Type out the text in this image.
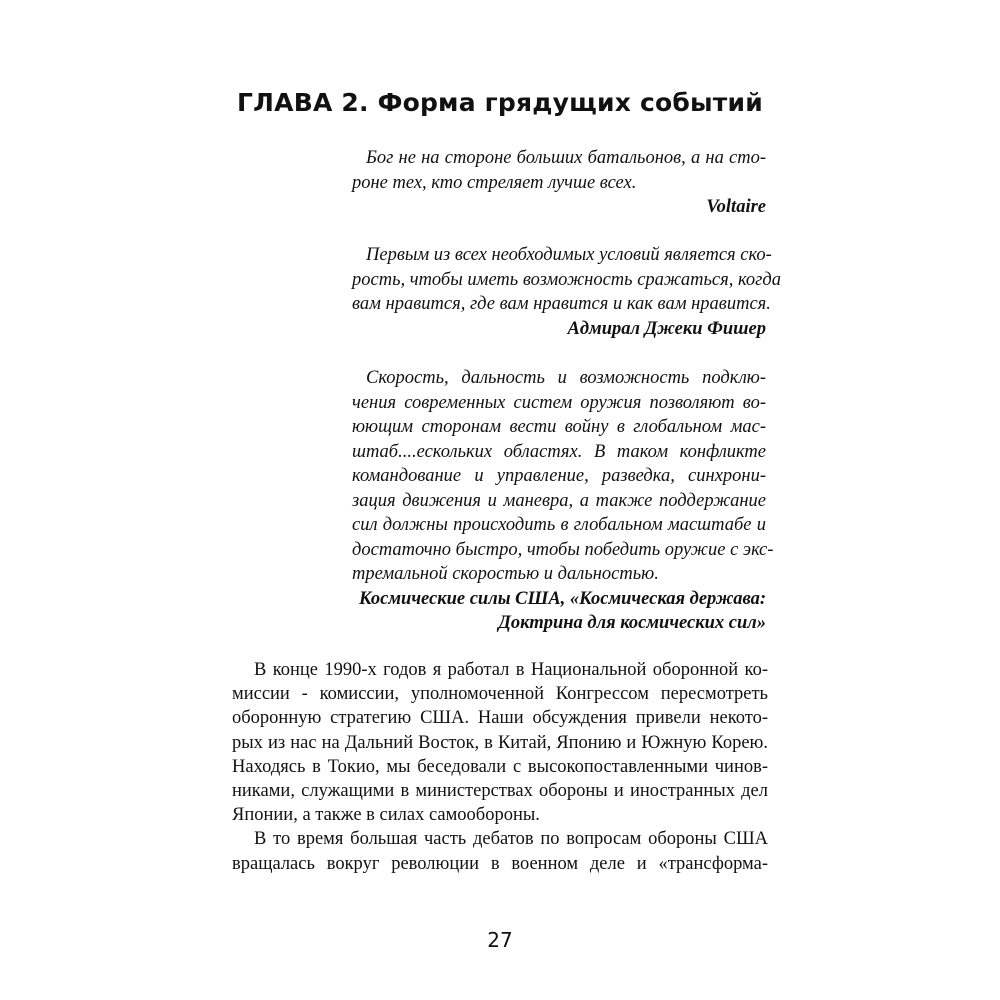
ГЛАВА 2. Форма грядущих событий
Бог не на стороне больших батальонов, а на сто-
роне тех, кто стреляет лучше всех.
Voltaire
Первым из всех необходимых условий является ско-
рость, чтобы иметь возможность сражаться, когда
вам нравится, где вам нравится и как вам нравится.
Адмирал Джеки Фишер
Скорость, дальность и возможность подклю-
чения современных систем оружия позволяют во-
юющим сторонам вести войну в глобальном мас-
штаб....ескольких областях. В таком конфликте
командование и управление, разведка, синхрони-
зация движения и маневра, а также поддержание
сил должны происходить в глобальном масштабе и
достаточно быстро, чтобы победить оружие с экс-
тремальной скоростью и дальностью.
Космические силы США, «Космическая держава:
Доктрина для космических сил»
В конце 1990-х годов я работал в Национальной оборонной ко-
миссии - комиссии, уполномоченной Конгрессом пересмотреть
оборонную стратегию США. Наши обсуждения привели некото-
рых из нас на Дальний Восток, в Китай, Японию и Южную Корею.
Находясь в Токио, мы беседовали с высокопоставленными чинов-
никами, служащими в министерствах обороны и иностранных дел
Японии, а также в силах самообороны.
В то время большая часть дебатов по вопросам обороны США
вращалась вокруг революции в военном деле и «трансформа-
27
